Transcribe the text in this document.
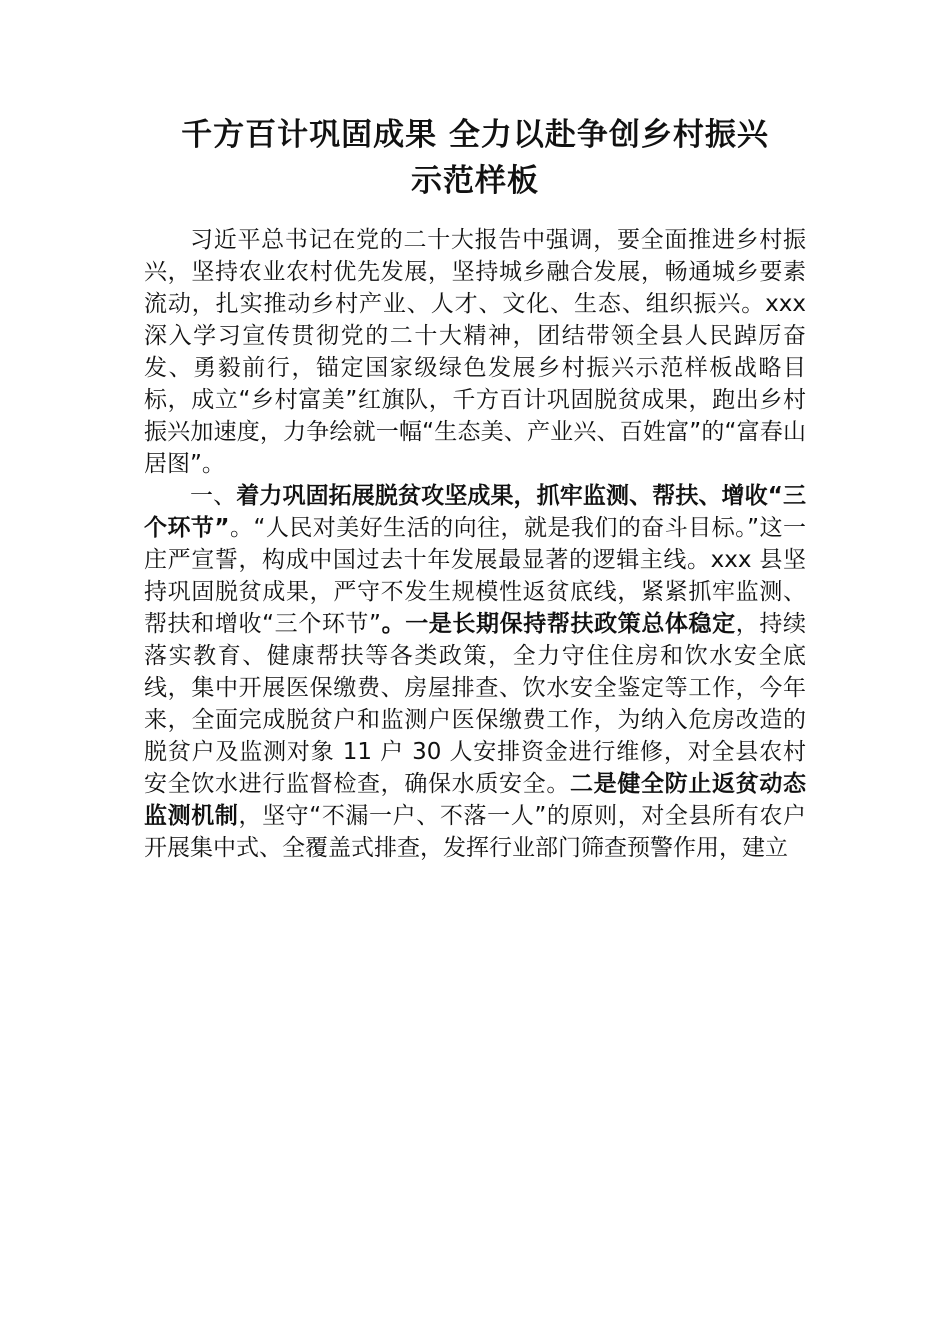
千方百计巩固成果 全力以赴争创乡村振兴
示范样板

习近平总书记在党的二十大报告中强调，要全面推进乡村振兴，坚持农业农村优先发展，坚持城乡融合发展，畅通城乡要素流动，扎实推动乡村产业、人才、文化、生态、组织振兴。xxx 深入学习宣传贯彻党的二十大精神，团结带领全县人民踔厉奋发、勇毅前行，锚定国家级绿色发展乡村振兴示范样板战略目标，成立“乡村富美”红旗队，千方百计巩固脱贫成果，跑出乡村振兴加速度，力争绘就一幅“生态美、产业兴、百姓富”的“富春山居图”。

一、着力巩固拓展脱贫攻坚成果，抓牢监测、帮扶、增收“三个环节”。“人民对美好生活的向往，就是我们的奋斗目标。”这一庄严宣誓，构成中国过去十年发展最显著的逻辑主线。xxx 县坚持巩固脱贫成果，严守不发生规模性返贫底线，紧紧抓牢监测、帮扶和增收“三个环节”。一是长期保持帮扶政策总体稳定，持续落实教育、健康帮扶等各类政策，全力守住住房和饮水安全底线，集中开展医保缴费、房屋排查、饮水安全鉴定等工作，今年来，全面完成脱贫户和监测户医保缴费工作，为纳入危房改造的脱贫户及监测对象 11 户 30 人安排资金进行维修，对全县农村安全饮水进行监督检查，确保水质安全。二是健全防止返贫动态监测机制，坚守“不漏一户、不落一人”的原则，对全县所有农户开展集中式、全覆盖式排查，发挥行业部门筛查预警作用，建立
